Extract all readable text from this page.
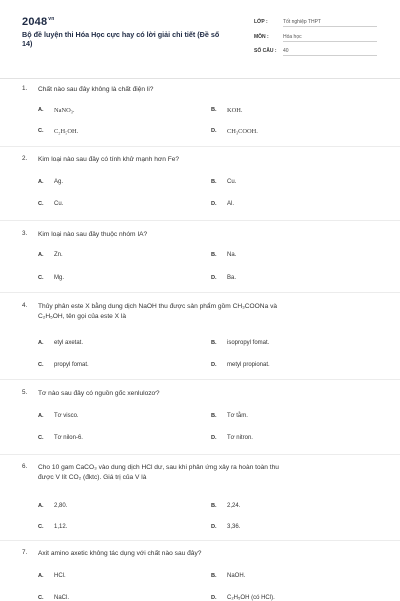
$2048^{vn}$
Bộ đề luyện thi Hóa Học cực hay có lời giải chi tiết (Đề số 14)
LỚP :	Tốt nghiệp THPT
MÔN :	Hóa học
SỐ CÂU : 40
1. Chất nào sau đây không là chất điện li?
A. NaNO₃.	B. KOH.
C. C₂H₅OH.	D. CH₃COOH.
2. Kim loại nào sau đây có tính khử mạnh hơn Fe?
A. Ag.	B. Cu.
C. Cu.	D. Al.
3. Kim loại nào sau đây thuộc nhóm IA?
A. Zn.	B. Na.
C. Mg.	D. Ba.
4. Thủy phân este X bằng dung dịch NaOH thu được sản phẩm gồm CH₃COONa và
C₂H₅OH, tên gọi của este X là
A. etyl axetat.	B. isopropyl fomat.
C. propyl fomat.	D. metyl propionat.
5. Tơ nào sau đây có nguồn gốc xenlulozơ?
A. Tơ visco.	B. Tơ tằm.
C. Tơ nilon-6.	D. Tơ nitron.
6. Cho 10 gam CaCO₃ vào dung dịch HCl dư, sau khi phản ứng xảy ra hoàn toàn thu
được V lít CO₂ (đktc). Giá trị của V là
A. 2,80.	B. 2,24.
C. 1,12.	D. 3,36.
7. Axit amino axetic không tác dụng với chất nào sau đây?
A. HCl.	B. NaOH.
C. NaCl.	D. C₂H₅OH (có HCl).
